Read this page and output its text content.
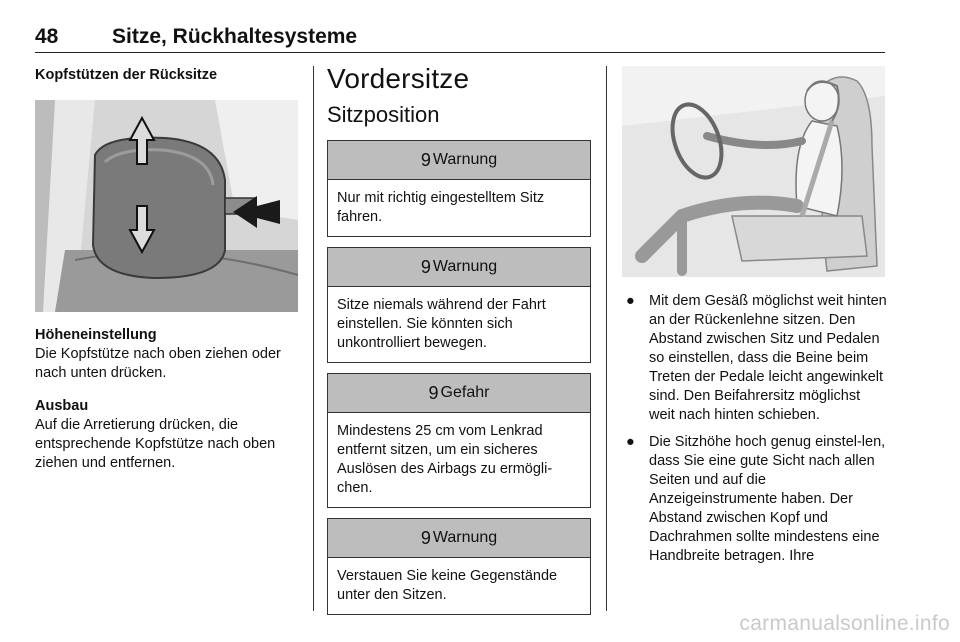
48	Sitze, Rückhaltesysteme
Kopfstützen der Rücksitze
Höheneinstellung

Die Kopfstütze nach oben ziehen oder nach unten drücken.

Ausbau

Auf die Arretierung drücken, die entsprechende Kopfstütze nach oben ziehen und entfernen.

Vordersitze
Sitzposition
9 Warnung
Nur mit richtig eingestelltem Sitz fahren.
9 Warnung
Sitze niemals während der Fahrt einstellen. Sie könnten sich unkontrolliert bewegen.
9 Gefahr
Mindestens 25 cm vom Lenkrad entfernt sitzen, um ein sicheres Auslösen des Airbags zu ermögli-chen.
9 Warnung
Verstauen Sie keine Gegenstände unter den Sitzen.
● Mit dem Gesäß möglichst weit hinten an der Rückenlehne sitzen. Den Abstand zwischen Sitz und Pedalen so einstellen, dass die Beine beim Treten der Pedale leicht angewinkelt sind. Den Beifahrersitz möglichst weit nach hinten schieben.
● Die Sitzhöhe hoch genug einstel-len, dass Sie eine gute Sicht nach allen Seiten und auf die Anzeigeinstrumente haben. Der Abstand zwischen Kopf und Dachrahmen sollte mindestens eine Handbreite betragen. Ihre
carmanualsonline.info
